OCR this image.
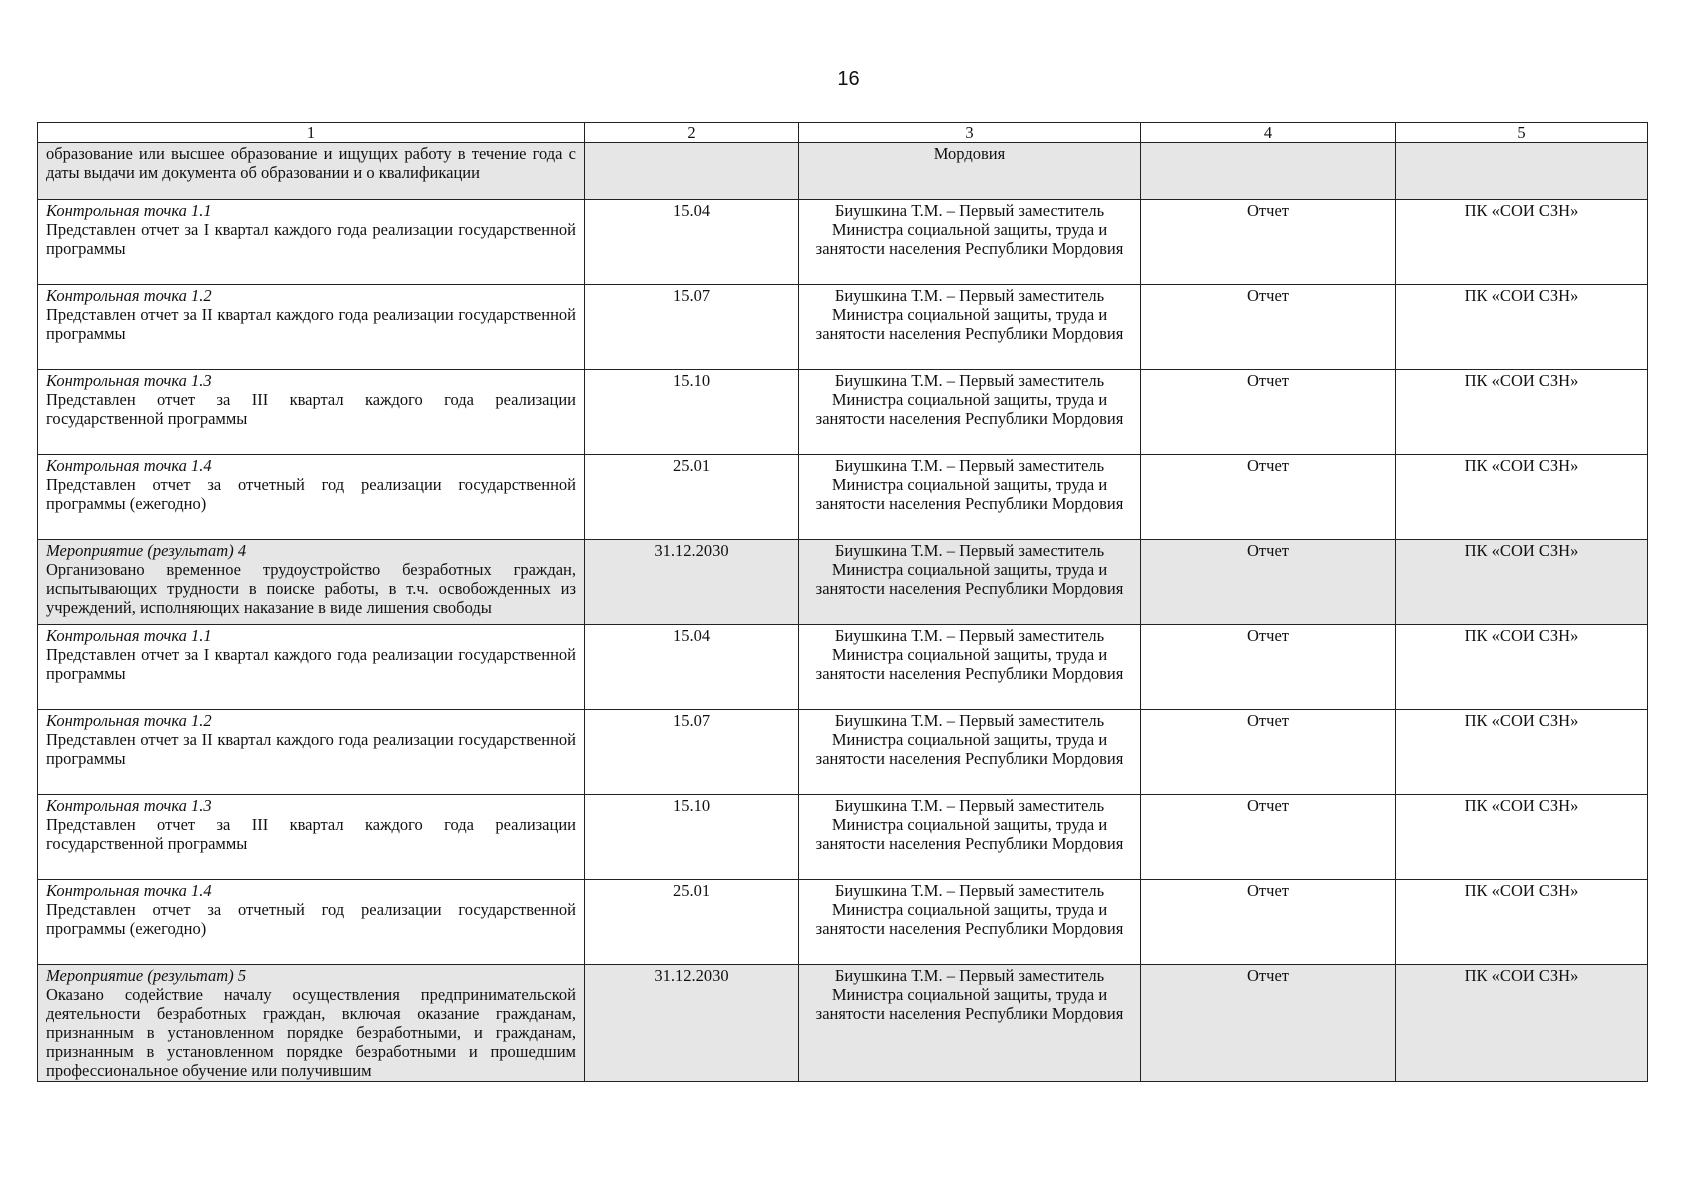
16
1	2	3	4	5
образование или высшее образование и ищущих работу в течение года с даты выдачи им документа об образовании и о квалификации		Мордовия		

Контрольная точка 1.1
Представлен отчет за I квартал каждого года реализации государственной программы	15.04	Биушкина Т.М. – Первый заместитель Министра социальной защиты, труда и занятости населения Республики Мордовия	Отчет	ПК «СОИ СЗН»

Контрольная точка 1.2
Представлен отчет за II квартал каждого года реализации государственной программы	15.07	Биушкина Т.М. – Первый заместитель Министра социальной защиты, труда и занятости населения Республики Мордовия	Отчет	ПК «СОИ СЗН»

Контрольная точка 1.3
Представлен отчет за III квартал каждого года реализации государственной программы	15.10	Биушкина Т.М. – Первый заместитель Министра социальной защиты, труда и занятости населения Республики Мордовия	Отчет	ПК «СОИ СЗН»

Контрольная точка 1.4
Представлен отчет за отчетный год реализации государственной программы (ежегодно)	25.01	Биушкина Т.М. – Первый заместитель Министра социальной защиты, труда и занятости населения Республики Мордовия	Отчет	ПК «СОИ СЗН»

Мероприятие (результат) 4
Организовано временное трудоустройство безработных граждан, испытывающих трудности в поиске работы, в т.ч. освобожденных из учреждений, исполняющих наказание в виде лишения свободы	31.12.2030	Биушкина Т.М. – Первый заместитель Министра социальной защиты, труда и занятости населения Республики Мордовия	Отчет	ПК «СОИ СЗН»

Контрольная точка 1.1
Представлен отчет за I квартал каждого года реализации государственной программы	15.04	Биушкина Т.М. – Первый заместитель Министра социальной защиты, труда и занятости населения Республики Мордовия	Отчет	ПК «СОИ СЗН»

Контрольная точка 1.2
Представлен отчет за II квартал каждого года реализации государственной программы	15.07	Биушкина Т.М. – Первый заместитель Министра социальной защиты, труда и занятости населения Республики Мордовия	Отчет	ПК «СОИ СЗН»

Контрольная точка 1.3
Представлен отчет за III квартал каждого года реализации государственной программы	15.10	Биушкина Т.М. – Первый заместитель Министра социальной защиты, труда и занятости населения Республики Мордовия	Отчет	ПК «СОИ СЗН»

Контрольная точка 1.4
Представлен отчет за отчетный год реализации государственной программы (ежегодно)	25.01	Биушкина Т.М. – Первый заместитель Министра социальной защиты, труда и занятости населения Республики Мордовия	Отчет	ПК «СОИ СЗН»

Мероприятие (результат) 5
Оказано содействие началу осуществления предпринимательской деятельности безработных граждан, включая оказание гражданам, признанным в установленном порядке безработными, и гражданам, признанным в установленном порядке безработными и прошедшим профессиональное обучение или получившим	31.12.2030	Биушкина Т.М. – Первый заместитель Министра социальной защиты, труда и занятости населения Республики Мордовия	Отчет	ПК «СОИ СЗН»
